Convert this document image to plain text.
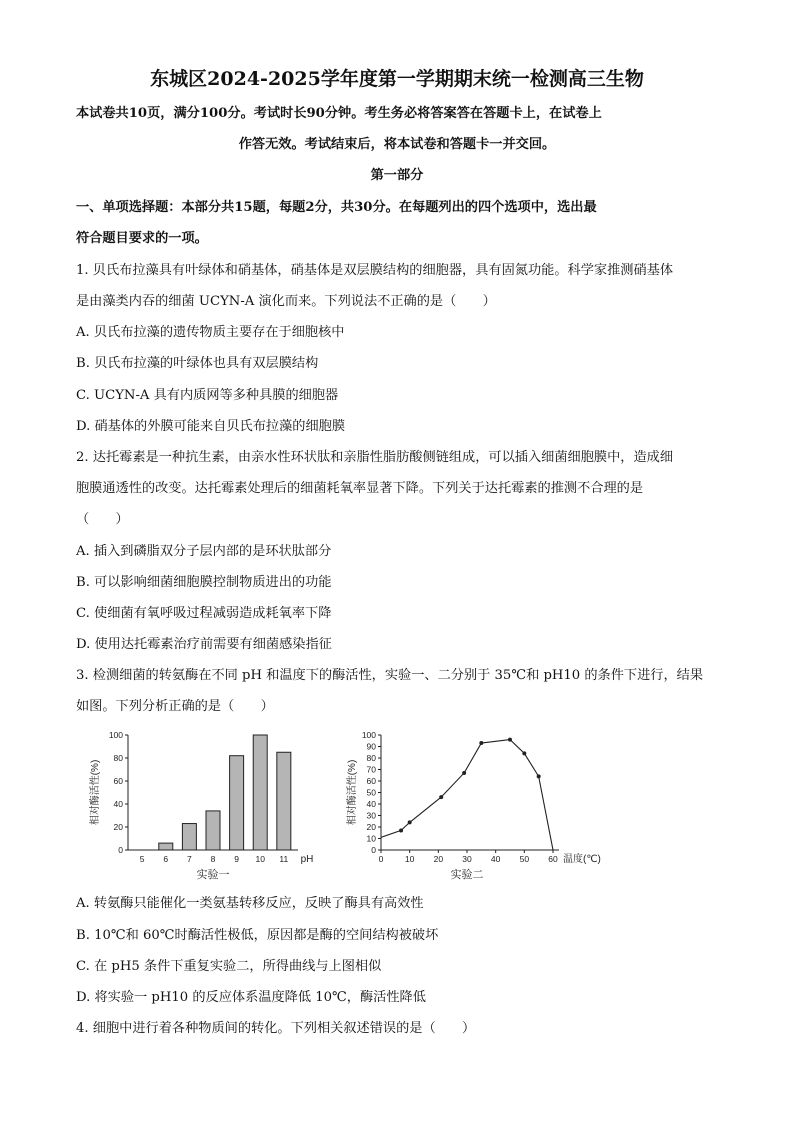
东城区2024-2025学年度第一学期期末统一检测高三生物
本试卷共10页，满分100分。考试时长90分钟。考生务必将答案答在答题卡上，在试卷上
作答无效。考试结束后，将本试卷和答题卡一并交回。
第一部分
一、单项选择题：本部分共15题，每题2分，共30分。在每题列出的四个选项中，选出最
符合题目要求的一项。
1. 贝氏布拉藻具有叶绿体和硝基体，硝基体是双层膜结构的细胞器，具有固氮功能。科学家推测硝基体
是由藻类内吞的细菌 UCYN-A 演化而来。下列说法不正确的是（　　）
A. 贝氏布拉藻的遗传物质主要存在于细胞核中
B. 贝氏布拉藻的叶绿体也具有双层膜结构
C. UCYN-A 具有内质网等多种具膜的细胞器
D. 硝基体的外膜可能来自贝氏布拉藻的细胞膜
2. 达托霉素是一种抗生素，由亲水性环状肽和亲脂性脂肪酸侧链组成，可以插入细菌细胞膜中，造成细
胞膜通透性的改变。达托霉素处理后的细菌耗氧率显著下降。下列关于达托霉素的推测不合理的是
（　　）
A. 插入到磷脂双分子层内部的是环状肽部分
B. 可以影响细菌细胞膜控制物质进出的功能
C. 使细菌有氧呼吸过程减弱造成耗氧率下降
D. 使用达托霉素治疗前需要有细菌感染指征
3. 检测细菌的转氨酶在不同 pH 和温度下的酶活性，实验一、二分别于 35℃和 pH10 的条件下进行，结果
如图。下列分析正确的是（　　）
0
20
40
60
80
100
5 6 7 8 9 10 11 pH
实验一
相对酶活性(%)
0
10
20
30
40
50
60
70
80
90
100
0	10 20 30 40 50 60 温度(℃)
实验二
相对酶活性(%)
A. 转氨酶只能催化一类氨基转移反应，反映了酶具有高效性
B. 10℃和 60℃时酶活性极低，原因都是酶的空间结构被破坏
C. 在 pH5 条件下重复实验二，所得曲线与上图相似
D. 将实验一 pH10 的反应体系温度降低 10℃，酶活性降低
4. 细胞中进行着各种物质间的转化。下列相关叙述错误的是（　　）
